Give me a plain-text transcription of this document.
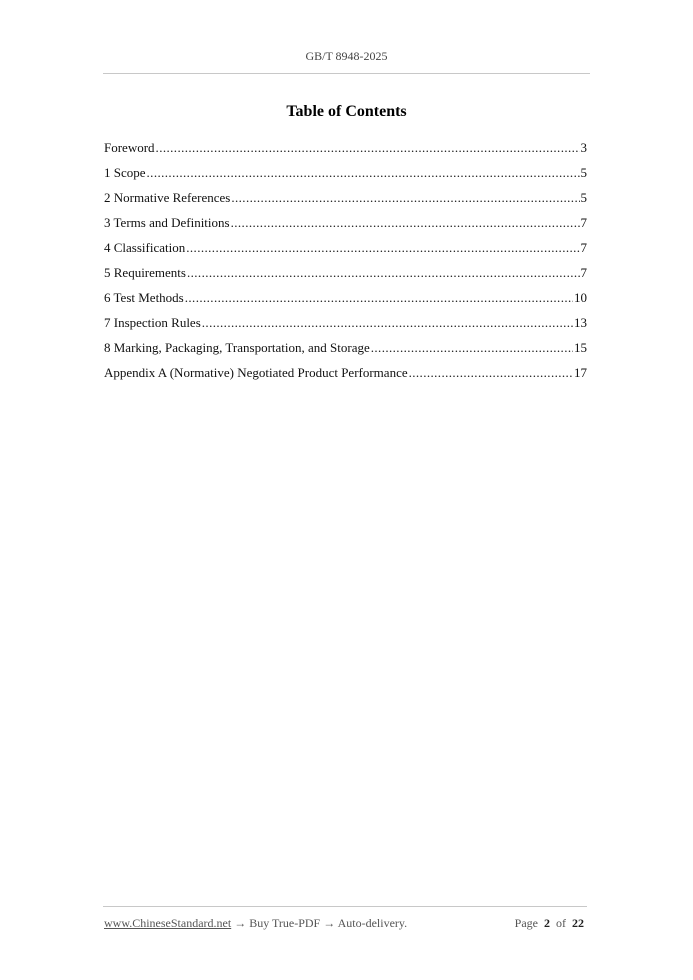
GB/T 8948-2025
Table of Contents
Foreword .....	3
1 Scope .....	5
2 Normative References .....	5
3 Terms and Definitions .....	7
4 Classification .....	7
5 Requirements .....	7
6 Test Methods .....	10
7 Inspection Rules .....	13
8 Marking, Packaging, Transportation, and Storage .....	15
Appendix A (Normative) Negotiated Product Performance .....	17
www.ChineseStandard.net → Buy True-PDF → Auto-delivery.	Page 2 of 22
